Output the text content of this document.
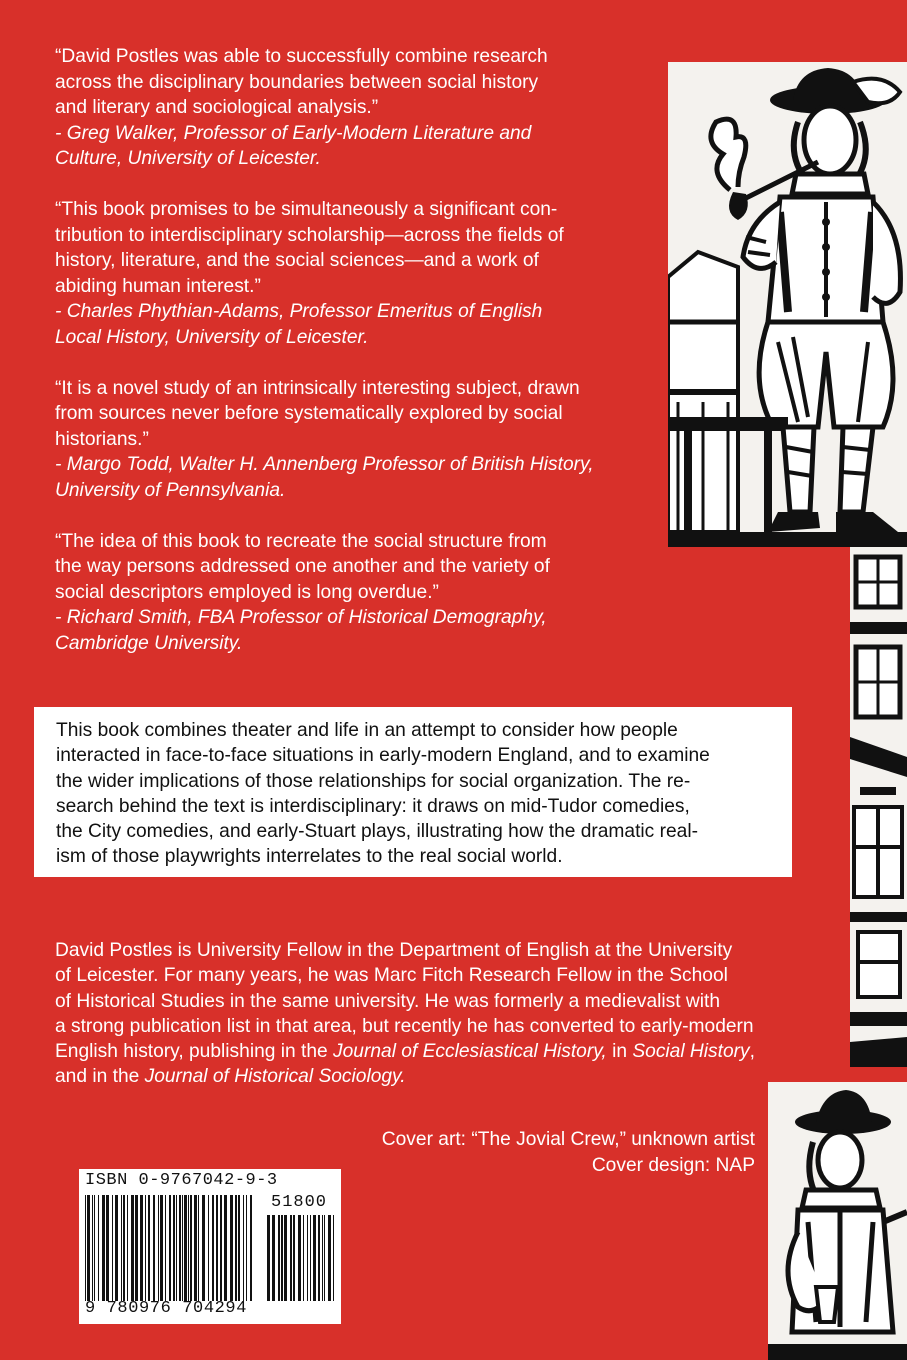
“David Postles was able to successfully combine research
across the disciplinary boundaries between social history
and literary and sociological analysis.”
- Greg Walker, Professor of Early-Modern Literature and
Culture, University of Leicester.
“This book promises to be simultaneously a significant con-
tribution to interdisciplinary scholarship—across the fields of
history, literature, and the social sciences—and a work of
abiding human interest.”
- Charles Phythian-Adams, Professor Emeritus of English
Local History, University of Leicester.
“It is a novel study of an intrinsically interesting subject, drawn
from sources never before systematically explored by social
historians.”
- Margo Todd, Walter H. Annenberg Professor of British History,
University of Pennsylvania.
“The idea of this book to recreate the social structure from
the way persons addressed one another and the variety of
social descriptors employed is long overdue.”
- Richard Smith, FBA Professor of Historical Demography,
Cambridge University.
This book combines theater and life in an attempt to consider how people
interacted in face-to-face situations in early-modern England, and to examine
the wider implications of those relationships for social organization. The re-
search behind the text is interdisciplinary: it draws on mid-Tudor comedies,
the City comedies, and early-Stuart plays, illustrating how the dramatic real-
ism of those playwrights interrelates to the real social world.
David Postles is University Fellow in the Department of English at the University
of Leicester. For many years, he was Marc Fitch Research Fellow in the School
of Historical Studies in the same university. He was formerly a medievalist with
a strong publication list in that area, but recently he has converted to early-modern
English history, publishing in the Journal of Ecclesiastical History, in Social History,
and in the Journal of Historical Sociology.
Cover art: “The Jovial Crew,” unknown artist
Cover design: NAP
ISBN 0-9767042-9-3
51800
9 780976 704294
